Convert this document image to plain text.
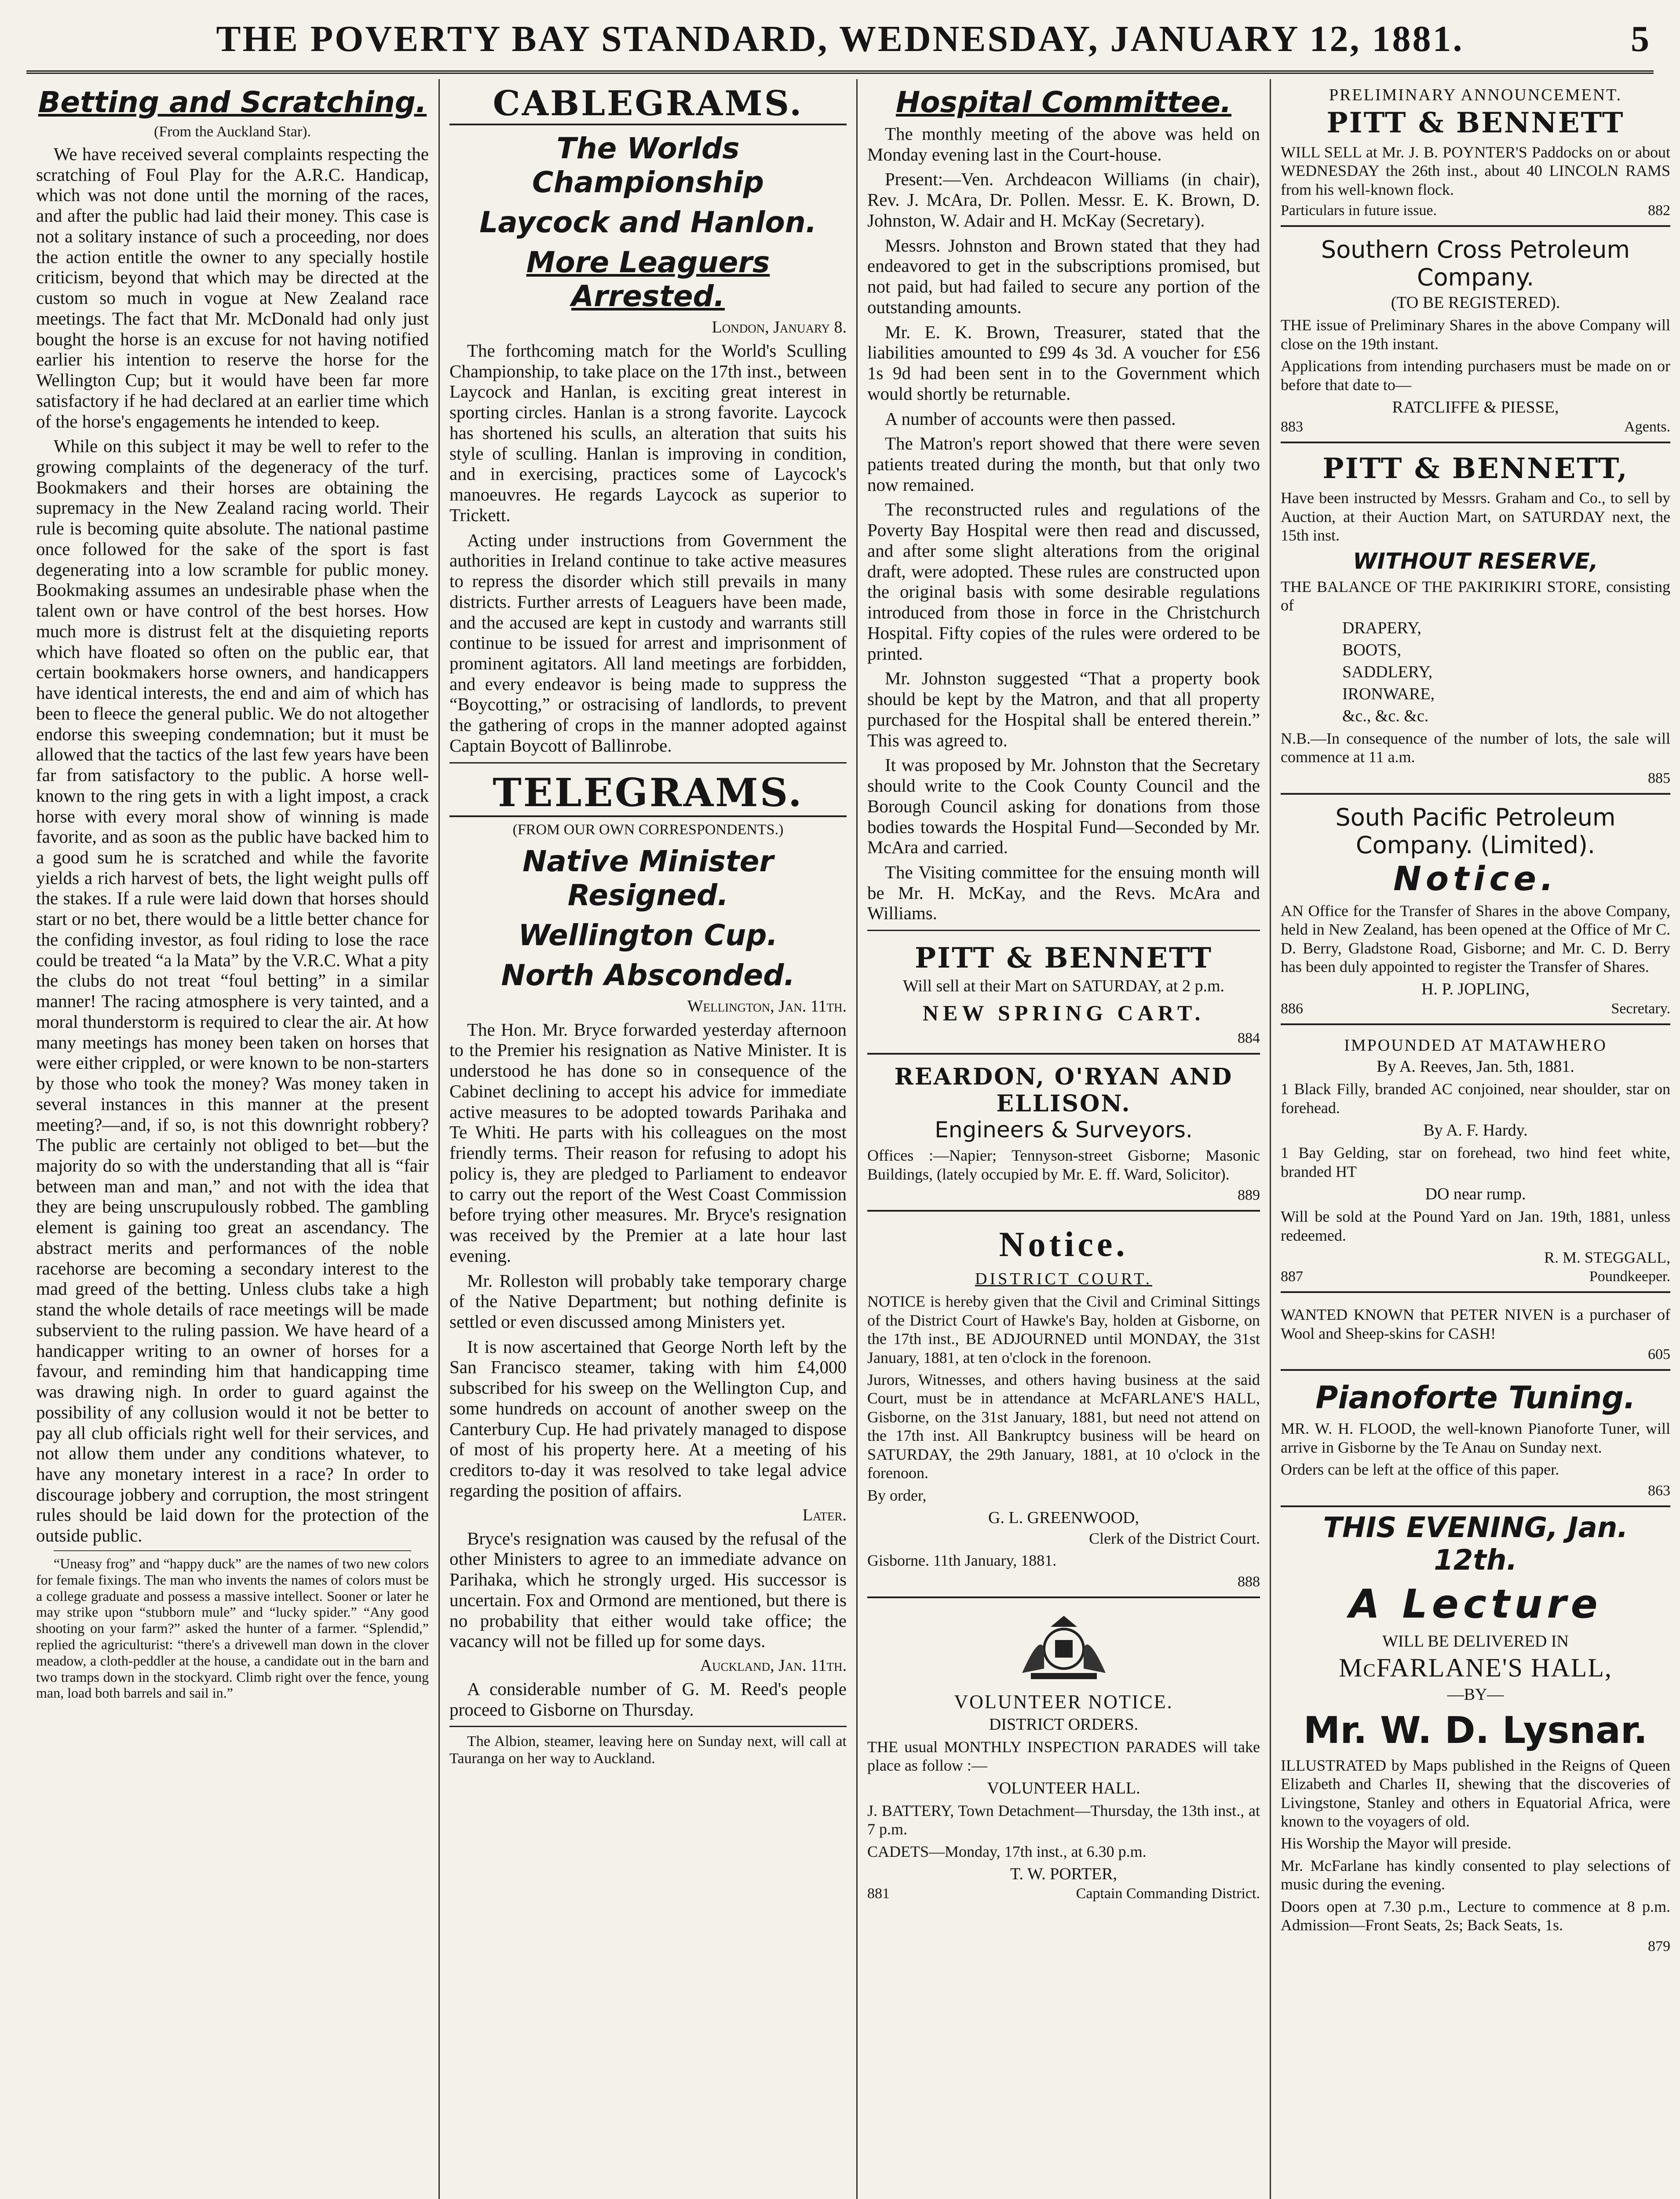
THE POVERTY BAY STANDARD, WEDNESDAY, JANUARY 12, 1881.	5
Betting and Scratching.
(From the Auckland Star).

We have received several complaints respecting the scratching of Foul Play for the A.R.C. Handicap, which was not done until the morning of the races, and after the public had laid their money. This case is not a solitary instance of such a proceeding, nor does the action entitle the owner to any specially hostile criticism, beyond that which may be directed at the custom so much in vogue at New Zealand race meetings. The fact that Mr. McDonald had only just bought the horse is an excuse for not having notified earlier his intention to reserve the horse for the Wellington Cup; but it would have been far more satisfactory if he had declared at an earlier time which of the horse's engagements he intended to keep.

While on this subject it may be well to refer to the growing complaints of the degeneracy of the turf. Bookmakers and their horses are obtaining the supremacy in the New Zealand racing world. Their rule is becoming quite absolute. The national pastime once followed for the sake of the sport is fast degenerating into a low scramble for public money. Bookmaking assumes an undesirable phase when the talent own or have control of the best horses. How much more is distrust felt at the disquieting reports which have floated so often on the public ear, that certain bookmakers horse owners, and handicappers have identical interests, the end and aim of which has been to fleece the general public. We do not altogether endorse this sweeping condemnation; but it must be allowed that the tactics of the last few years have been far from satisfactory to the public. A horse well-known to the ring gets in with a light impost, a crack horse with every moral show of winning is made favorite, and as soon as the public have backed him to a good sum he is scratched and while the favorite yields a rich harvest of bets, the light weight pulls off the stakes. If a rule were laid down that horses should start or no bet, there would be a little better chance for the confiding investor, as foul riding to lose the race could be treated “a la Mata” by the V.R.C. What a pity the clubs do not treat “foul betting” in a similar manner! The racing atmosphere is very tainted, and a moral thunderstorm is required to clear the air. At how many meetings has money been taken on horses that were either crippled, or were known to be non-starters by those who took the money? Was money taken in several instances in this manner at the present meeting?—and, if so, is not this downright robbery? The public are certainly not obliged to bet—but the majority do so with the understanding that all is “fair between man and man,” and not with the idea that they are being unscrupulously robbed. The gambling element is gaining too great an ascendancy. The abstract merits and performances of the noble racehorse are becoming a secondary interest to the mad greed of the betting. Unless clubs take a high stand the whole details of race meetings will be made subservient to the ruling passion. We have heard of a handicapper writing to an owner of horses for a favour, and reminding him that handicapping time was drawing nigh. In order to guard against the possibility of any collusion would it not be better to pay all club officials right well for their services, and not allow them under any conditions whatever, to have any monetary interest in a race? In order to discourage jobbery and corruption, the most stringent rules should be laid down for the protection of the outside public.

“Uneasy frog” and “happy duck” are the names of two new colors for female fixings. The man who invents the names of colors must be a college graduate and possess a massive intellect. Sooner or later he may strike upon “stubborn mule” and “lucky spider.” “Any good shooting on your farm?” asked the hunter of a farmer. “Splendid,” replied the agriculturist: “there's a drivewell man down in the clover meadow, a cloth-peddler at the house, a candidate out in the barn and two tramps down in the stockyard. Climb right over the fence, young man, load both barrels and sail in.”

CABLEGRAMS.
The Worlds Championship
Laycock and Hanlon.
More Leaguers Arrested.
London, January 8.

The forthcoming match for the World's Sculling Championship, to take place on the 17th inst., between Laycock and Hanlan, is exciting great interest in sporting circles. Hanlan is a strong favorite. Laycock has shortened his sculls, an alteration that suits his style of sculling. Hanlan is improving in condition, and in exercising, practices some of Laycock's manoeuvres. He regards Laycock as superior to Trickett.

Acting under instructions from Government the authorities in Ireland continue to take active measures to repress the disorder which still prevails in many districts. Further arrests of Leaguers have been made, and the accused are kept in custody and warrants still continue to be issued for arrest and imprisonment of prominent agitators. All land meetings are forbidden, and every endeavor is being made to suppress the “Boycotting,” or ostracising of landlords, to prevent the gathering of crops in the manner adopted against Captain Boycott of Ballinrobe.

TELEGRAMS.
(FROM OUR OWN CORRESPONDENTS.)
Native Minister Resigned.
Wellington Cup.
North Absconded.
Wellington, Jan. 11th.

The Hon. Mr. Bryce forwarded yesterday afternoon to the Premier his resignation as Native Minister. It is understood he has done so in consequence of the Cabinet declining to accept his advice for immediate active measures to be adopted towards Parihaka and Te Whiti. He parts with his colleagues on the most friendly terms. Their reason for refusing to adopt his policy is, they are pledged to Parliament to endeavor to carry out the report of the West Coast Commission before trying other measures. Mr. Bryce's resignation was received by the Premier at a late hour last evening.

Mr. Rolleston will probably take temporary charge of the Native Department; but nothing definite is settled or even discussed among Ministers yet.

It is now ascertained that George North left by the San Francisco steamer, taking with him £4,000 subscribed for his sweep on the Wellington Cup, and some hundreds on account of another sweep on the Canterbury Cup. He had privately managed to dispose of most of his property here. At a meeting of his creditors to-day it was resolved to take legal advice regarding the position of affairs.

Later.

Bryce's resignation was caused by the refusal of the other Ministers to agree to an immediate advance on Parihaka, which he strongly urged. His successor is uncertain. Fox and Ormond are mentioned, but there is no probability that either would take office; the vacancy will not be filled up for some days.

Auckland, Jan. 11th.

A considerable number of G. M. Reed's people proceed to Gisborne on Thursday.

The Albion, steamer, leaving here on Sunday next, will call at Tauranga on her way to Auckland.

Hospital Committee.

The monthly meeting of the above was held on Monday evening last in the Court-house.

Present:—Ven. Archdeacon Williams (in chair), Rev. J. McAra, Dr. Pollen. Messr. E. K. Brown, D. Johnston, W. Adair and H. McKay (Secretary).

Messrs. Johnston and Brown stated that they had endeavored to get in the subscriptions promised, but not paid, but had failed to secure any portion of the outstanding amounts.

Mr. E. K. Brown, Treasurer, stated that the liabilities amounted to £99 4s 3d. A voucher for £56 1s 9d had been sent in to the Government which would shortly be returnable.

A number of accounts were then passed.

The Matron's report showed that there were seven patients treated during the month, but that only two now remained.

The reconstructed rules and regulations of the Poverty Bay Hospital were then read and discussed, and after some slight alterations from the original draft, were adopted. These rules are constructed upon the original basis with some desirable regulations introduced from those in force in the Christchurch Hospital. Fifty copies of the rules were ordered to be printed.

Mr. Johnston suggested “That a property book should be kept by the Matron, and that all property purchased for the Hospital shall be entered therein.” This was agreed to.

It was proposed by Mr. Johnston that the Secretary should write to the Cook County Council and the Borough Council asking for donations from those bodies towards the Hospital Fund—Seconded by Mr. McAra and carried.

The Visiting committee for the ensuing month will be Mr. H. McKay, and the Revs. McAra and Williams.

PITT & BENNETT
Will sell at their Mart on SATURDAY, at 2 p.m.
NEW SPRING CART.
884
REARDON, O'RYAN AND ELLISON.
Engineers & Surveyors.
Offices :—Napier; Tennyson-street Gisborne; Masonic Buildings, (lately occupied by Mr. E. ff. Ward, Solicitor).
889
Notice.
DISTRICT COURT.
NOTICE is hereby given that the Civil and Criminal Sittings of the District Court of Hawke's Bay, holden at Gisborne, on the 17th inst., BE ADJOURNED until MONDAY, the 31st January, 1881, at ten o'clock in the forenoon.
Jurors, Witnesses, and others having business at the said Court, must be in attendance at McFARLANE'S HALL, Gisborne, on the 31st January, 1881, but need not attend on the 17th inst. All Bankruptcy business will be heard on SATURDAY, the 29th January, 1881, at 10 o'clock in the forenoon.
By order,
G. L. GREENWOOD,
Clerk of the District Court.
Gisborne. 11th January, 1881.
888
VOLUNTEER NOTICE.
DISTRICT ORDERS.
THE usual MONTHLY INSPECTION PARADES will take place as follow :—
VOLUNTEER HALL.
J. BATTERY, Town Detachment—Thursday, the 13th inst., at 7 p.m.
CADETS—Monday, 17th inst., at 6.30 p.m.
T. W. PORTER,
881	Captain Commanding District.
PRELIMINARY ANNOUNCEMENT.
PITT & BENNETT
WILL SELL at Mr. J. B. POYNTER'S Paddocks on or about WEDNESDAY the 26th inst., about 40 LINCOLN RAMS from his well-known flock.
Particulars in future issue.	882
Southern Cross Petroleum Company.
(TO BE REGISTERED).
THE issue of Preliminary Shares in the above Company will close on the 19th instant.
Applications from intending purchasers must be made on or before that date to—
RATCLIFFE & PIESSE,
883	Agents.
PITT & BENNETT,
Have been instructed by Messrs. Graham and Co., to sell by Auction, at their Auction Mart, on SATURDAY next, the 15th inst.
WITHOUT RESERVE,
THE BALANCE OF THE PAKIRIKIRI STORE, consisting of
DRAPERY,
BOOTS,
SADDLERY,
IRONWARE,
&c., &c. &c.
N.B.—In consequence of the number of lots, the sale will commence at 11 a.m.
885
South Pacific Petroleum Company. (Limited).
Notice.
AN Office for the Transfer of Shares in the above Company, held in New Zealand, has been opened at the Office of Mr C. D. Berry, Gladstone Road, Gisborne; and Mr. C. D. Berry has been duly appointed to register the Transfer of Shares.
H. P. JOPLING,
886	Secretary.
IMPOUNDED AT MATAWHERO
By A. Reeves, Jan. 5th, 1881.
1 Black Filly, branded AC conjoined, near shoulder, star on forehead.
By A. F. Hardy.
1 Bay Gelding, star on forehead, two hind feet white, branded HT
DO near rump.
Will be sold at the Pound Yard on Jan. 19th, 1881, unless redeemed.
R. M. STEGGALL,
887	Poundkeeper.
WANTED KNOWN that PETER NIVEN is a purchaser of Wool and Sheep-skins for CASH!
605
Pianoforte Tuning.
MR. W. H. FLOOD, the well-known Pianoforte Tuner, will arrive in Gisborne by the Te Anau on Sunday next.
Orders can be left at the office of this paper.
863
THIS EVENING, Jan. 12th.
A Lecture
WILL BE DELIVERED IN
McFARLANE'S HALL,
—BY—
Mr. W. D. Lysnar.
ILLUSTRATED by Maps published in the Reigns of Queen Elizabeth and Charles II, shewing that the discoveries of Livingstone, Stanley and others in Equatorial Africa, were known to the voyagers of old.
His Worship the Mayor will preside.
Mr. McFarlane has kindly consented to play selections of music during the evening.
Doors open at 7.30 p.m., Lecture to commence at 8 p.m. Admission—Front Seats, 2s; Back Seats, 1s.
879
